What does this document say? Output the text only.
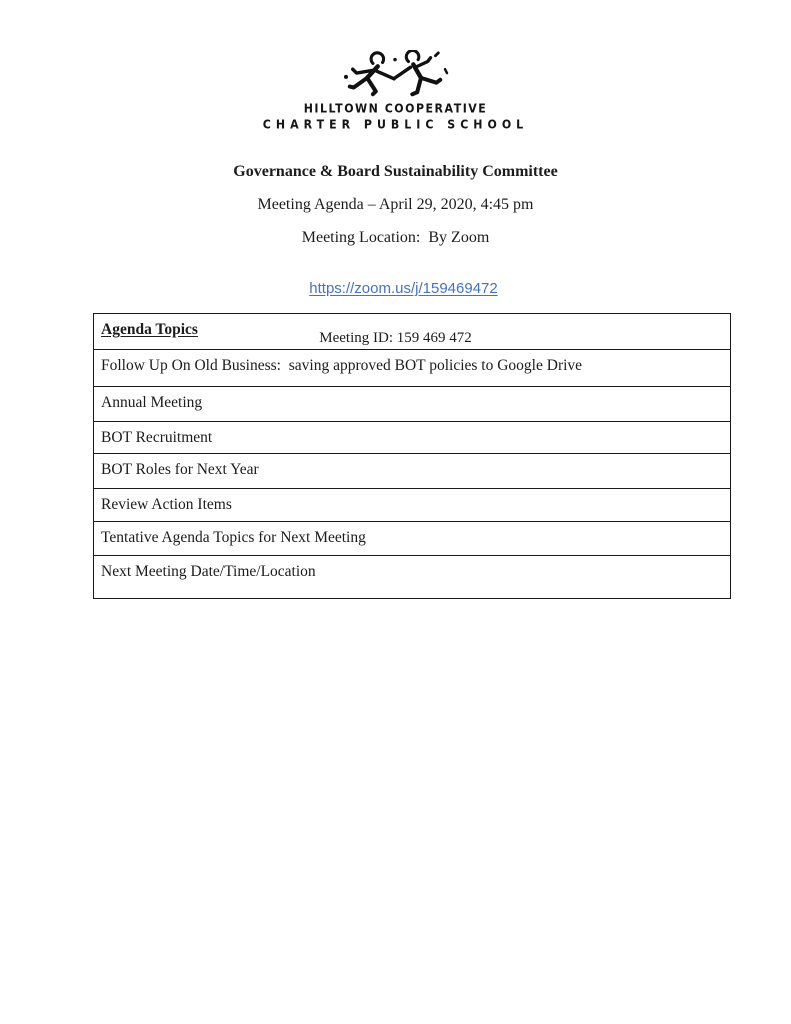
HILLTOWN COOPERATIVE
CHARTER PUBLIC SCHOOL
Governance & Board Sustainability Committee
Meeting Agenda – April 29, 2020, 4:45 pm
Meeting Location:  By Zoom

https://zoom.us/j/159469472

Meeting ID: 159 469 472
Agenda Topics
Follow Up On Old Business:  saving approved BOT policies to Google Drive
Annual Meeting
BOT Recruitment
BOT Roles for Next Year
Review Action Items
Tentative Agenda Topics for Next Meeting
Next Meeting Date/Time/Location
